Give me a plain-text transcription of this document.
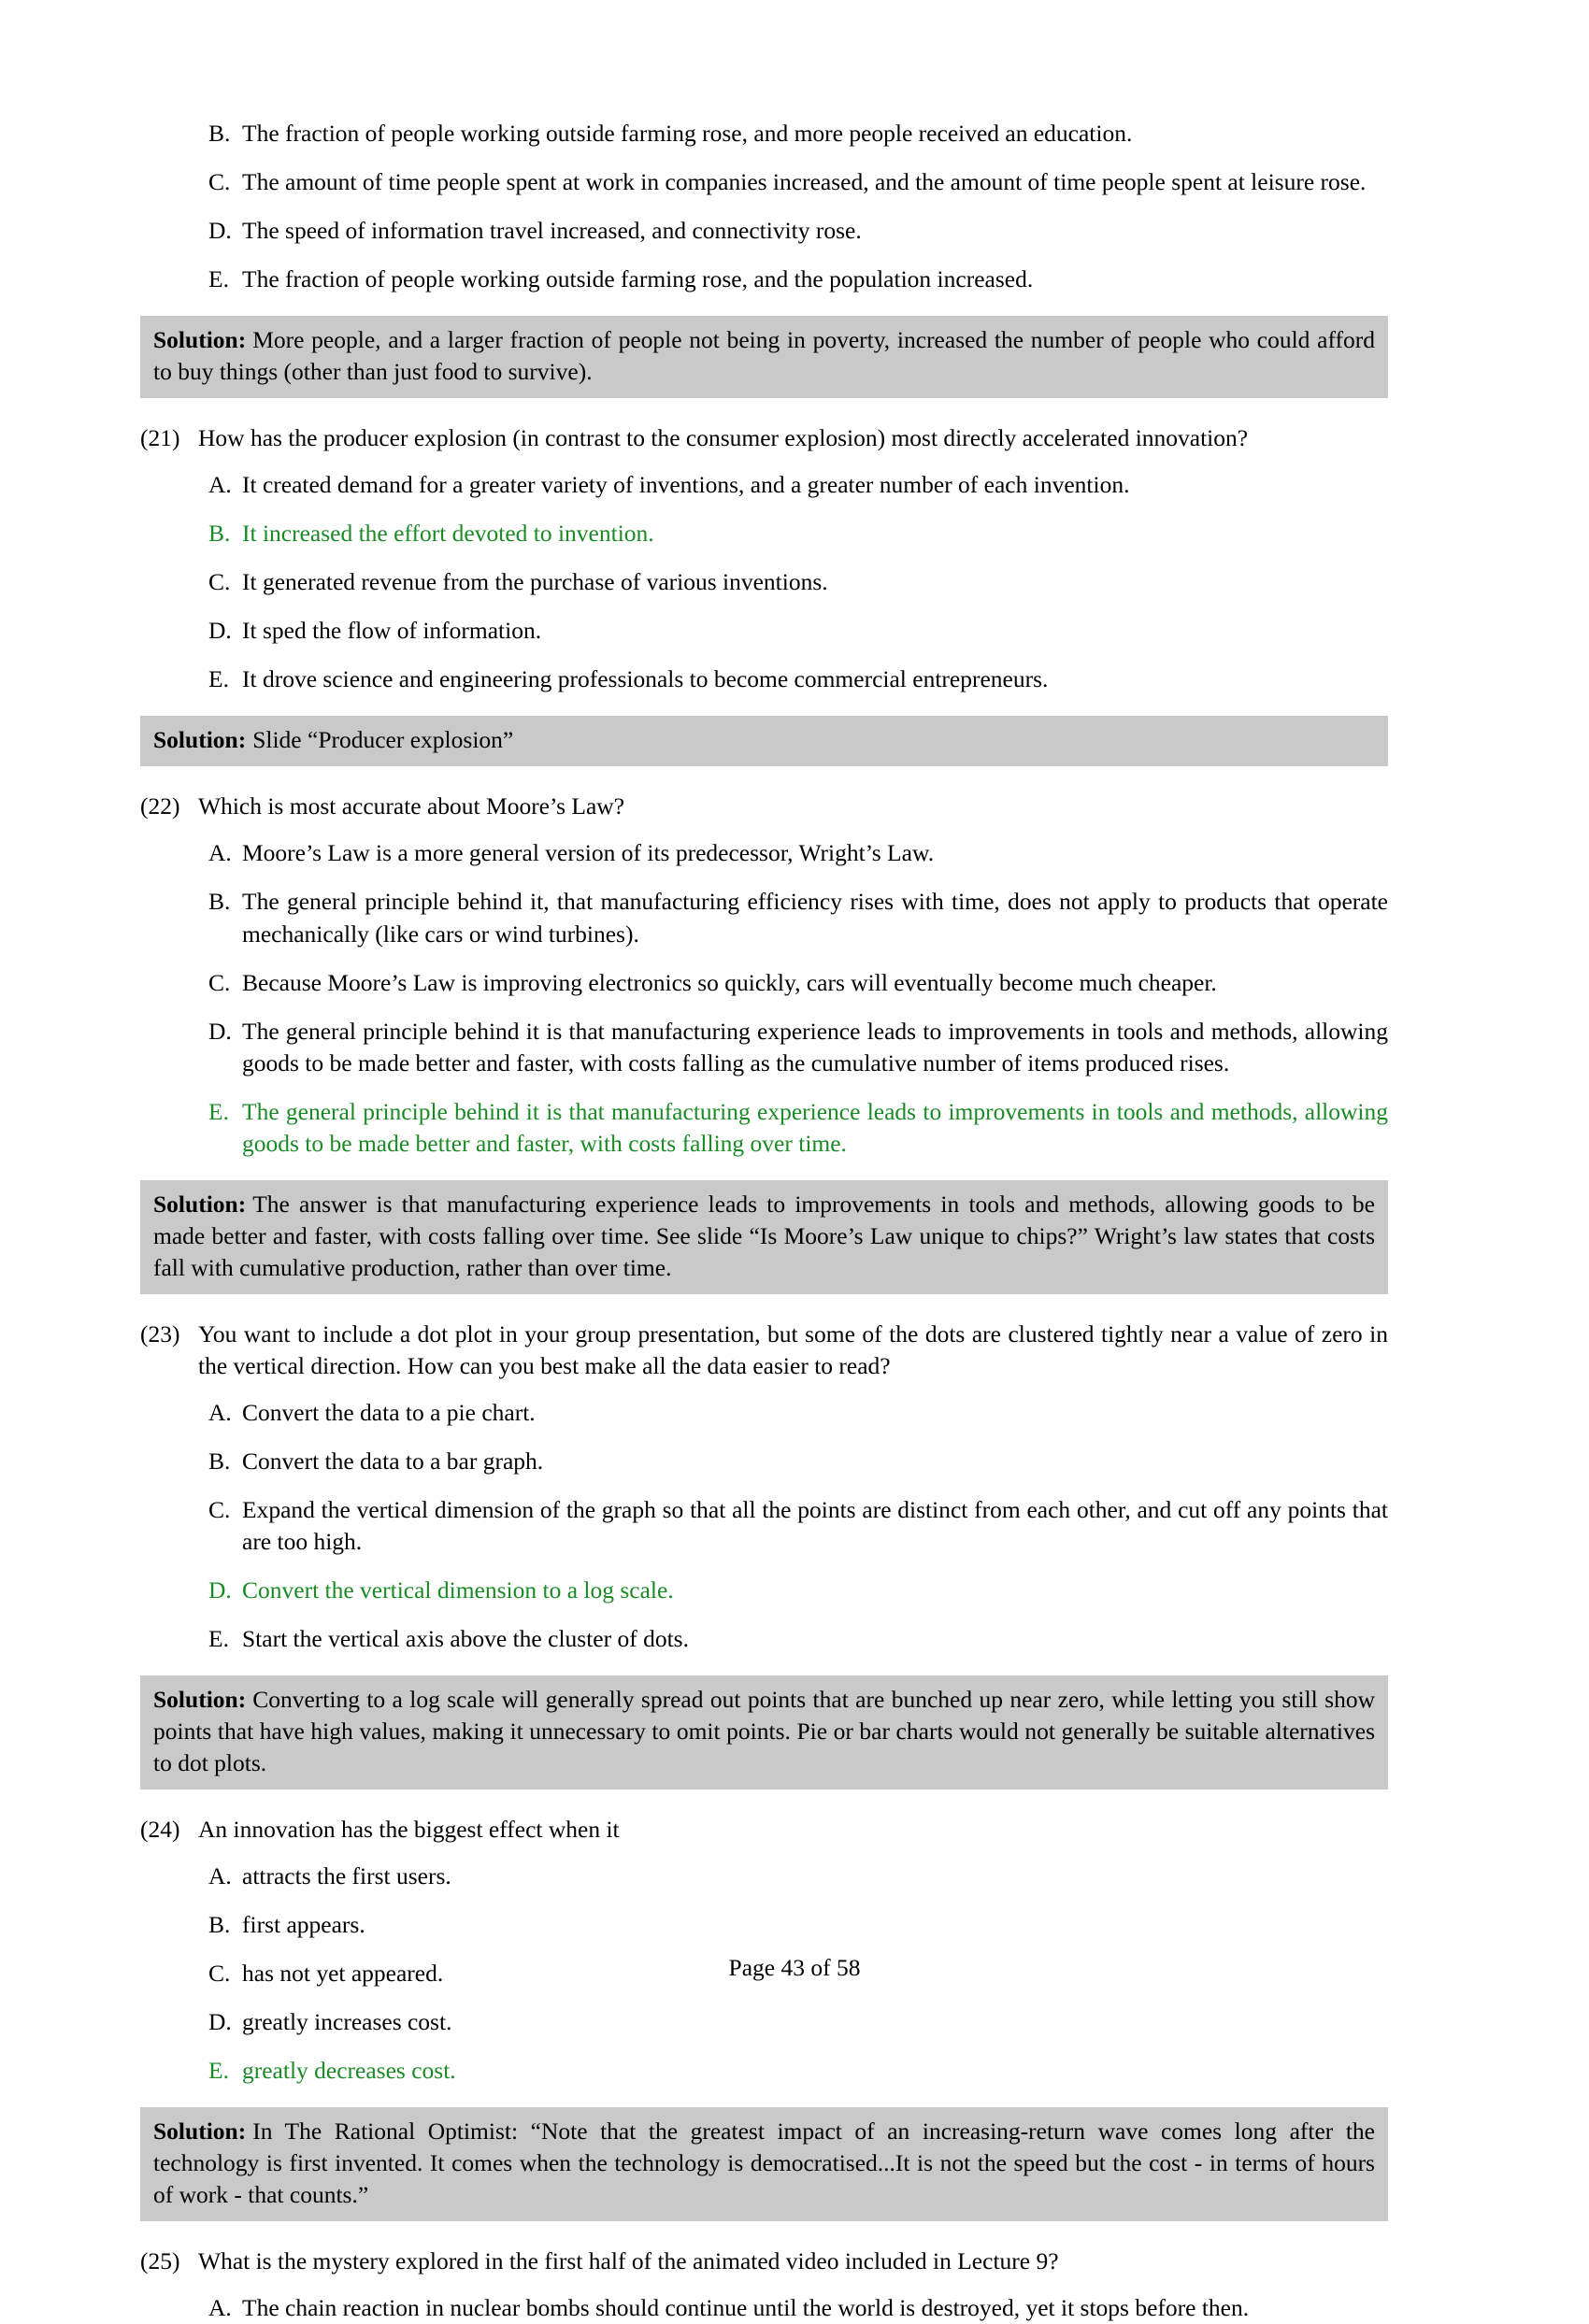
B. The fraction of people working outside farming rose, and more people received an education.
C. The amount of time people spent at work in companies increased, and the amount of time people spent at leisure rose.
D. The speed of information travel increased, and connectivity rose.
E. The fraction of people working outside farming rose, and the population increased.
Solution: More people, and a larger fraction of people not being in poverty, increased the number of people who could afford to buy things (other than just food to survive).
(21) How has the producer explosion (in contrast to the consumer explosion) most directly accelerated innovation?
A. It created demand for a greater variety of inventions, and a greater number of each invention.
B. It increased the effort devoted to invention.
C. It generated revenue from the purchase of various inventions.
D. It sped the flow of information.
E. It drove science and engineering professionals to become commercial entrepreneurs.
Solution: Slide “Producer explosion”
(22) Which is most accurate about Moore’s Law?
A. Moore’s Law is a more general version of its predecessor, Wright’s Law.
B. The general principle behind it, that manufacturing efficiency rises with time, does not apply to products that operate mechanically (like cars or wind turbines).
C. Because Moore’s Law is improving electronics so quickly, cars will eventually become much cheaper.
D. The general principle behind it is that manufacturing experience leads to improvements in tools and methods, allowing goods to be made better and faster, with costs falling as the cumulative number of items produced rises.
E. The general principle behind it is that manufacturing experience leads to improvements in tools and methods, allowing goods to be made better and faster, with costs falling over time.
Solution: The answer is that manufacturing experience leads to improvements in tools and methods, allowing goods to be made better and faster, with costs falling over time. See slide “Is Moore’s Law unique to chips?” Wright’s law states that costs fall with cumulative production, rather than over time.
(23) You want to include a dot plot in your group presentation, but some of the dots are clustered tightly near a value of zero in the vertical direction. How can you best make all the data easier to read?
A. Convert the data to a pie chart.
B. Convert the data to a bar graph.
C. Expand the vertical dimension of the graph so that all the points are distinct from each other, and cut off any points that are too high.
D. Convert the vertical dimension to a log scale.
E. Start the vertical axis above the cluster of dots.
Solution: Converting to a log scale will generally spread out points that are bunched up near zero, while letting you still show points that have high values, making it unnecessary to omit points. Pie or bar charts would not generally be suitable alternatives to dot plots.
(24) An innovation has the biggest effect when it
A. attracts the first users.
B. first appears.
C. has not yet appeared.
D. greatly increases cost.
E. greatly decreases cost.
Solution: In The Rational Optimist: “Note that the greatest impact of an increasing-return wave comes long after the technology is first invented. It comes when the technology is democratised...It is not the speed but the cost - in terms of hours of work - that counts.”
(25) What is the mystery explored in the first half of the animated video included in Lecture 9?
A. The chain reaction in nuclear bombs should continue until the world is destroyed, yet it stops before then.
Page 43 of 58
